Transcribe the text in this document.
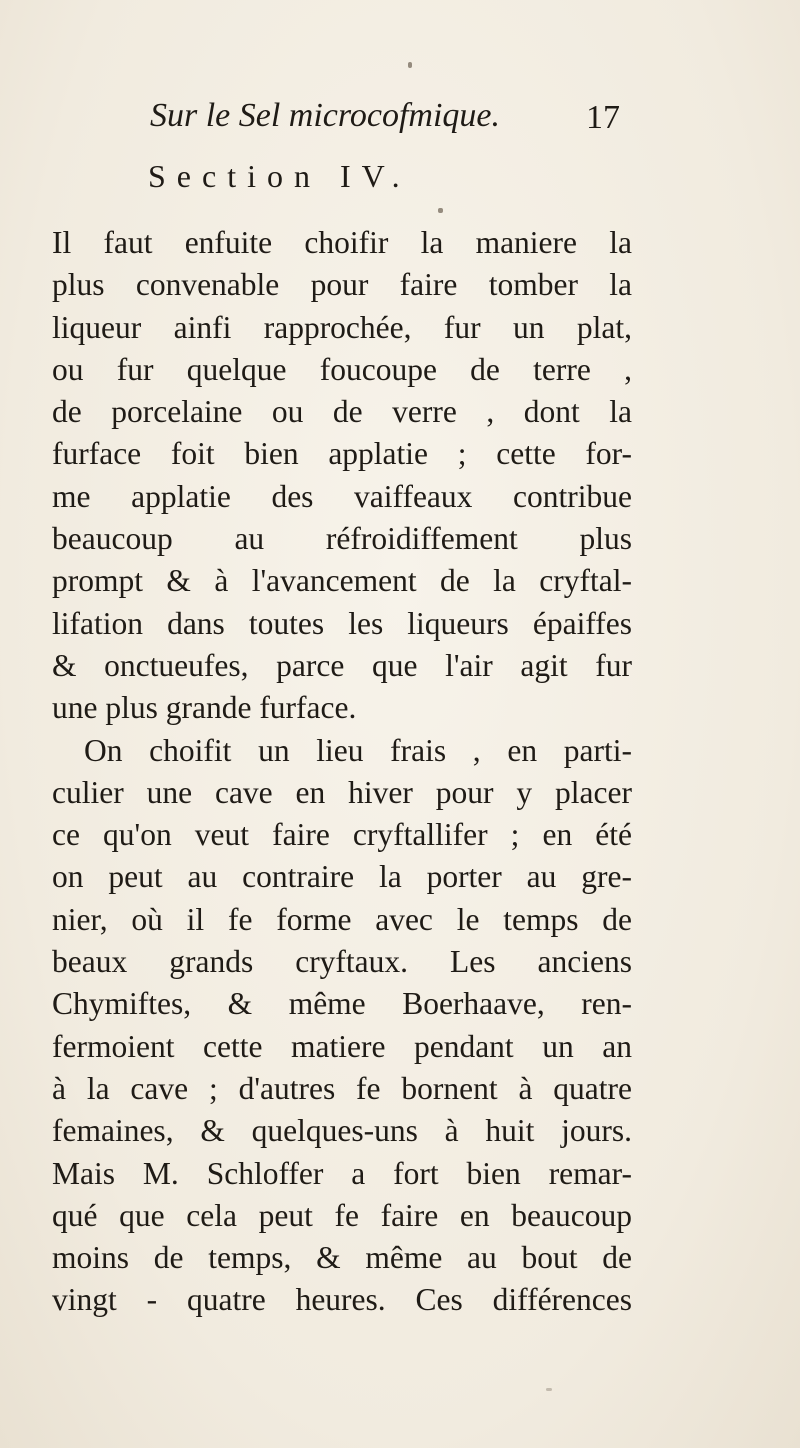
Sur le Sel microcofmique.	17
Section IV.
Il faut enfuite choifir la maniere la
plus convenable pour faire tomber la
liqueur ainfi rapprochée, fur un plat,
ou fur quelque foucoupe de terre ,
de porcelaine ou de verre , dont la
furface foit bien applatie ; cette for-
me applatie des vaiffeaux contribue
beaucoup au réfroidiffement plus
prompt & à l'avancement de la cryftal-
lifation dans toutes les liqueurs épaiffes
& onctueufes, parce que l'air agit fur
une plus grande furface.
On choifit un lieu frais , en parti-
culier une cave en hiver pour y placer
ce qu'on veut faire cryftallifer ; en été
on peut au contraire la porter au gre-
nier, où il fe forme avec le temps de
beaux grands cryftaux. Les anciens
Chymiftes, & même Boerhaave, ren-
fermoient cette matiere pendant un an
à la cave ; d'autres fe bornent à quatre
femaines, & quelques-uns à huit jours.
Mais M. Schloffer a fort bien remar-
qué que cela peut fe faire en beaucoup
moins de temps, & même au bout de
vingt - quatre heures. Ces différences
